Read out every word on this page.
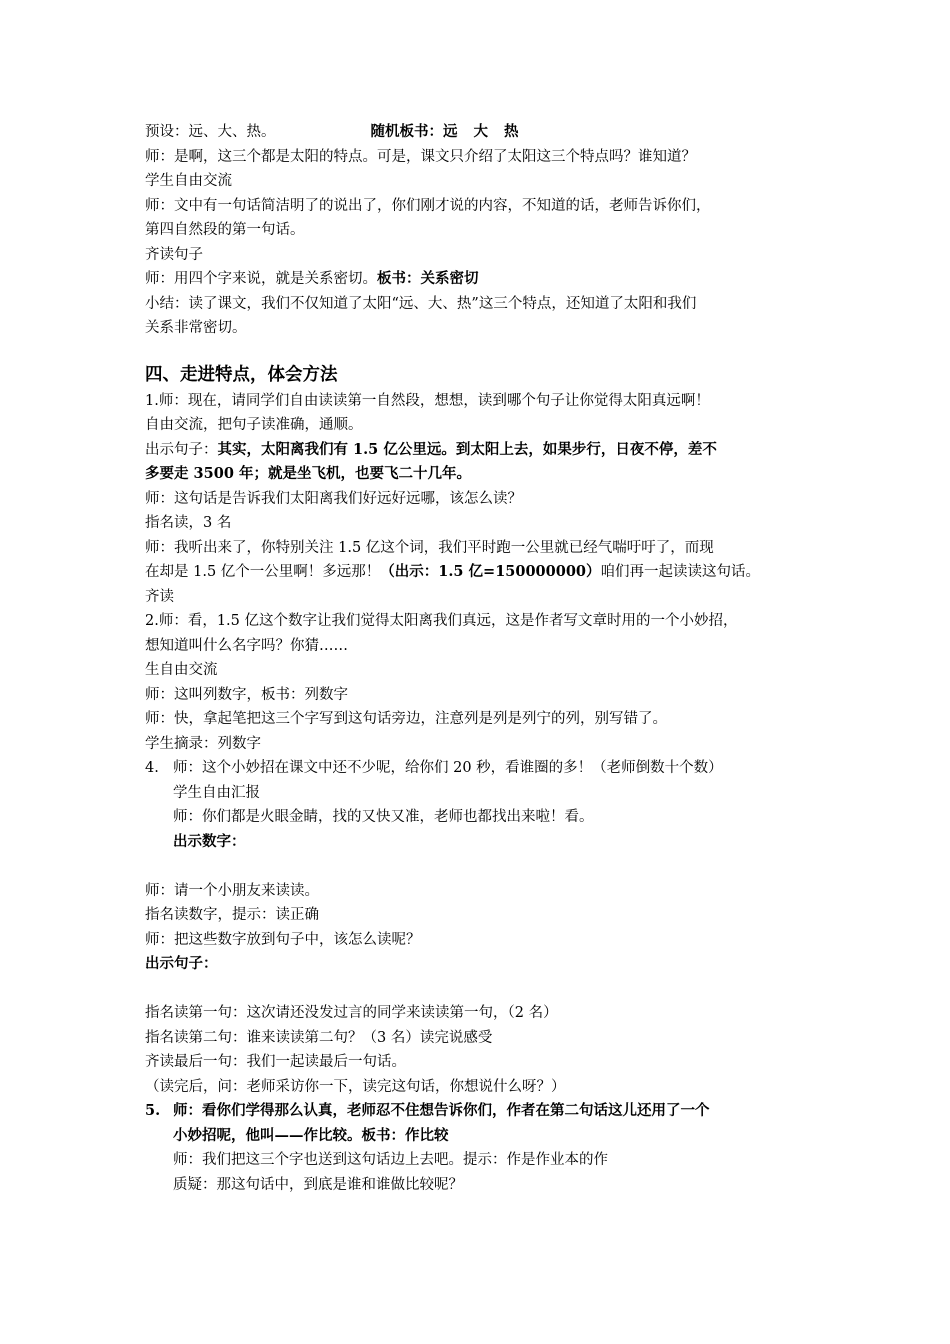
预设：远、大、热。	随机板书：远 大 热
师：是啊，这三个都是太阳的特点。可是，课文只介绍了太阳这三个特点吗？谁知道？
学生自由交流
师：文中有一句话简洁明了的说出了，你们刚才说的内容，不知道的话，老师告诉你们，
第四自然段的第一句话。
齐读句子
师：用四个字来说，就是关系密切。板书：关系密切
小结：读了课文，我们不仅知道了太阳“远、大、热”这三个特点，还知道了太阳和我们
关系非常密切。
四、走进特点，体会方法
1.师：现在，请同学们自由读读第一自然段，想想，读到哪个句子让你觉得太阳真远啊！
自由交流，把句子读准确，通顺。
出示句子：其实，太阳离我们有 1.5 亿公里远。到太阳上去，如果步行，日夜不停，差不
多要走 3500 年；就是坐飞机，也要飞二十几年。
师：这句话是告诉我们太阳离我们好远好远哪，该怎么读？
指名读，3 名
师：我听出来了，你特别关注 1.5 亿这个词，我们平时跑一公里就已经气喘吁吁了，而现
在却是 1.5 亿个一公里啊！多远那！（出示：1.5 亿=150000000）咱们再一起读读这句话。
齐读
2.师：看，1.5 亿这个数字让我们觉得太阳离我们真远，这是作者写文章时用的一个小妙招，
想知道叫什么名字吗？你猜……
生自由交流
师：这叫列数字，板书：列数字
师：快，拿起笔把这三个字写到这句话旁边，注意列是列是列宁的列，别写错了。
学生摘录：列数字
4. 师：这个小妙招在课文中还不少呢，给你们 20 秒，看谁圈的多！（老师倒数十个数）
学生自由汇报
师：你们都是火眼金睛，找的又快又准，老师也都找出来啦！看。
出示数字：
师：请一个小朋友来读读。
指名读数字，提示：读正确
师：把这些数字放到句子中，该怎么读呢？
出示句子：
指名读第一句：这次请还没发过言的同学来读读第一句，（2 名）
指名读第二句：谁来读读第二句？（3 名）读完说感受
齐读最后一句：我们一起读最后一句话。
（读完后，问：老师采访你一下，读完这句话，你想说什么呀？）
5. 师：看你们学得那么认真，老师忍不住想告诉你们，作者在第二句话这儿还用了一个
小妙招呢，他叫——作比较。板书：作比较
师：我们把这三个字也送到这句话边上去吧。提示：作是作业本的作
质疑：那这句话中，到底是谁和谁做比较呢？
